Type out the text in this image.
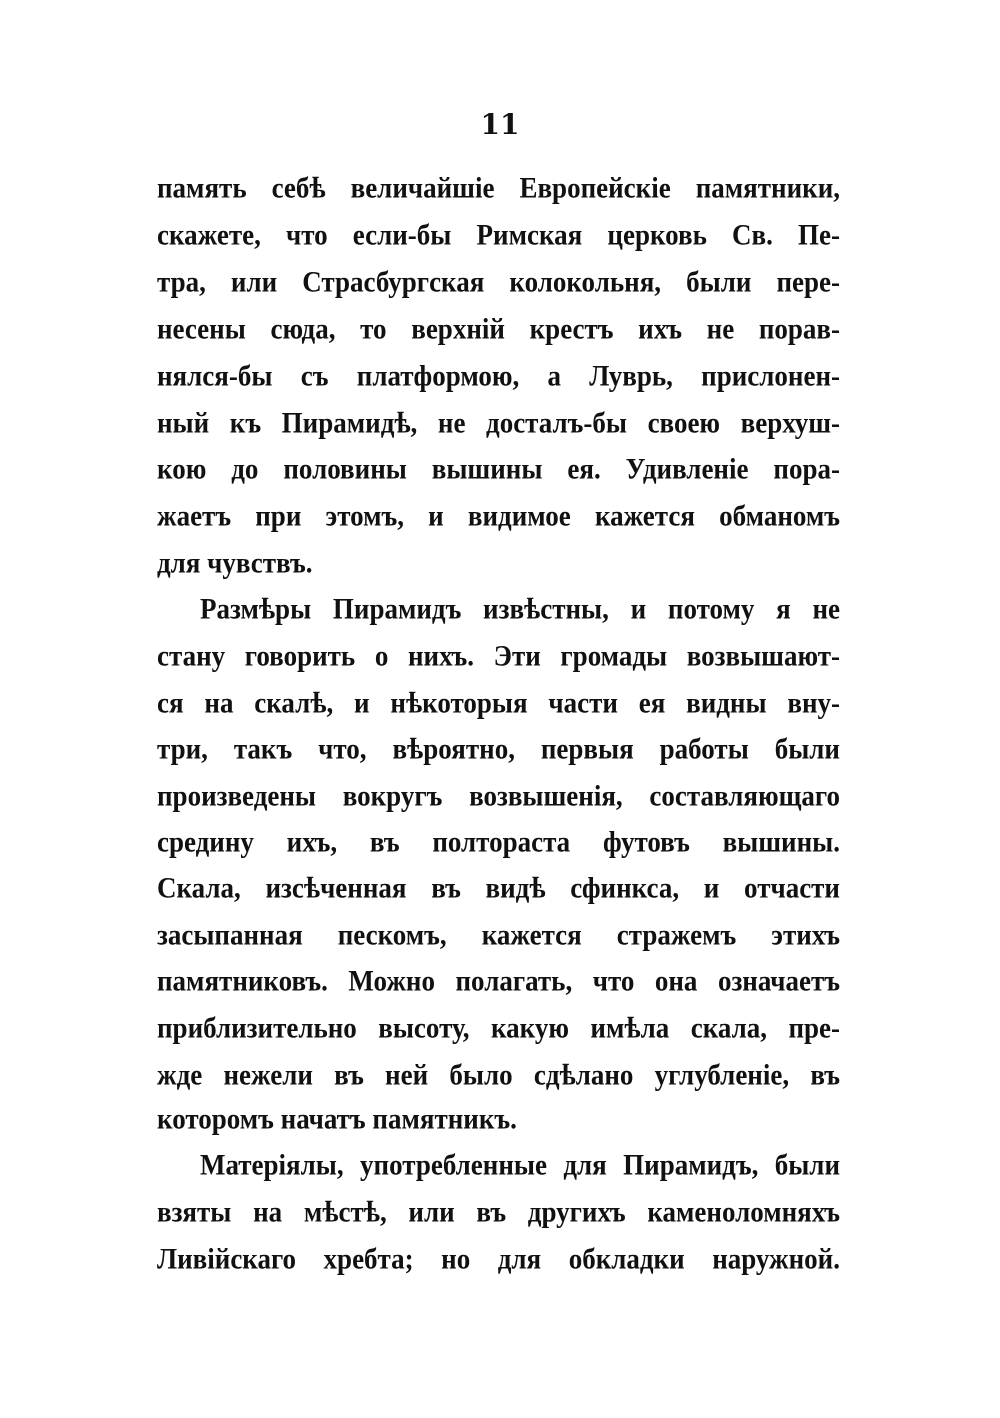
11
память себѣ величайшіе Европейскіе памятники,
скажете, что если-бы Римская церковь Св. Пе-
тра, или Страсбургская колокольня, были пере-
несены сюда, то верхній крестъ ихъ не порав-
нялся-бы съ платформою, а Луврь, прислонен-
ный къ Пирамидѣ, не досталъ-бы своею верхуш-
кою до половины вышины ея. Удивленіе пора-
жаетъ при этомъ, и видимое кажется обманомъ
для чувствъ.
Размѣры Пирамидъ извѣстны, и потому я не
стану говорить о нихъ. Эти громады возвышают-
ся на скалѣ, и нѣкоторыя части ея видны вну-
три, такъ что, вѣроятно, первыя работы были
произведены вокругъ возвышенія, составляющаго
средину ихъ, въ полтораста футовъ вышины.
Скала, изсѣченная въ видѣ сфинкса, и отчасти
засыпанная пескомъ, кажется стражемъ этихъ
памятниковъ. Можно полагать, что она означаетъ
приблизительно высоту, какую имѣла скала, пре-
жде нежели въ ней было сдѣлано углубленіе, въ
которомъ начатъ памятникъ.
Матеріялы, употребленные для Пирамидъ, были
взяты на мѣстѣ, или въ другихъ каменоломняхъ
Ливійскаго хребта; но для обкладки наружной.
